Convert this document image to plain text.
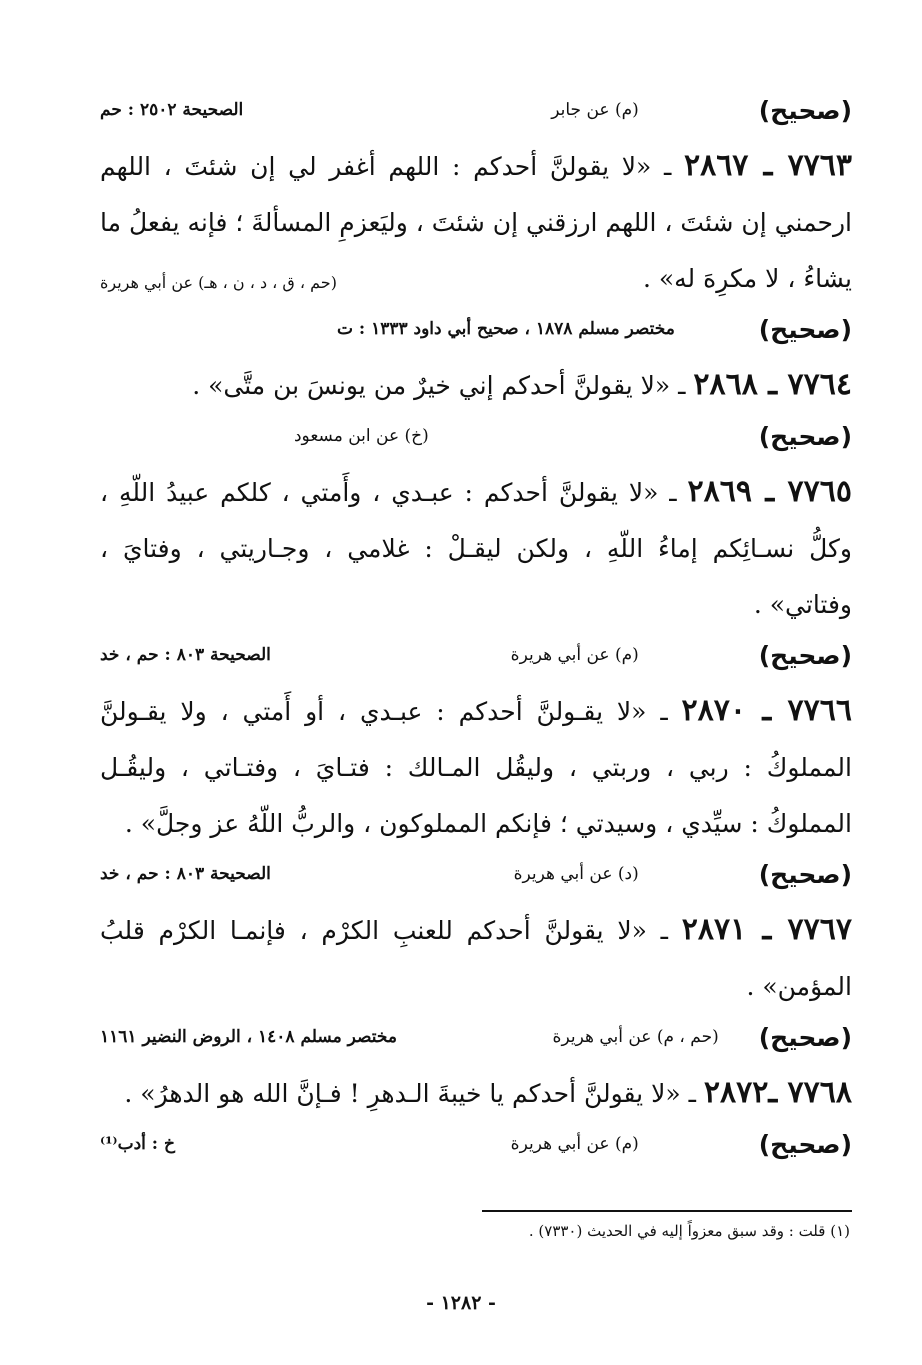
(صحيح)
(م) عن جابر
الصحيحة ٢٥٠٢ : حم
٧٧٦٣ ـ ٢٨٦٧ ـ «لا يقولنَّ أحدكم : اللهم أغفر لي إن شئتَ ، اللهم ارحمني إن شئتَ ، اللهم ارزقني إن شئتَ ، وليَعزمِ المسألةَ ؛ فإنه يفعلُ ما يشاءُ ، لا مكرِهَ له» .
(حم ، ق ، د ، ن ، هـ) عن أبي هريرة
(صحيح)
مختصر مسلم ١٨٧٨ ، صحيح أبي داود ١٣٣٣ : ت
٧٧٦٤ ـ ٢٨٦٨ ـ «لا يقولنَّ أحدكم إني خيرٌ من يونسَ بن متَّى» .
(صحيح)
(خ) عن ابن مسعود
٧٧٦٥ ـ ٢٨٦٩ ـ «لا يقولنَّ أحدكم : عبـدي ، وأَمتي ، كلكم عبيدُ اللّهِ ، وكلُّ نسـائِكم إماءُ اللّهِ ، ولكن ليقـلْ : غلامي ، وجـاريتي ، وفتايَ ، وفتاتي» .
(صحيح)
(م) عن أبي هريرة
الصحيحة ٨٠٣ : حم ، خد
٧٧٦٦ ـ ٢٨٧٠ ـ «لا يقـولنَّ أحدكم : عبـدي ، أو أَمتي ، ولا يقـولنَّ المملوكُ : ربي ، وربتي ، وليقُل المـالك : فتـايَ ، وفتـاتي ، وليقُـل المملوكُ : سيِّدي ، وسيدتي ؛ فإنكم المملوكون ، والربُّ اللّهُ عز وجلَّ» .
(صحيح)
(د) عن أبي هريرة
الصحيحة ٨٠٣ : حم ، خد
٧٧٦٧ ـ ٢٨٧١ ـ «لا يقولنَّ أحدكم للعنبِ الكرْم ، فإنمـا الكرْم قلبُ المؤمن» .
(صحيح)
(حم ، م) عن أبي هريرة
مختصر مسلم ١٤٠٨ ، الروض النضير ١١٦١
٧٧٦٨ ـ٢٨٧٢ ـ «لا يقولنَّ أحدكم يا خيبةَ الـدهرِ ! فـإنَّ الله هو الدهرُ» .
(صحيح)
(م) عن أبي هريرة
خ : أدب⁽¹⁾
(١) قلت : وقد سبق معزواً إليه في الحديث (٧٣٣٠) .
- ١٢٨٢ -
